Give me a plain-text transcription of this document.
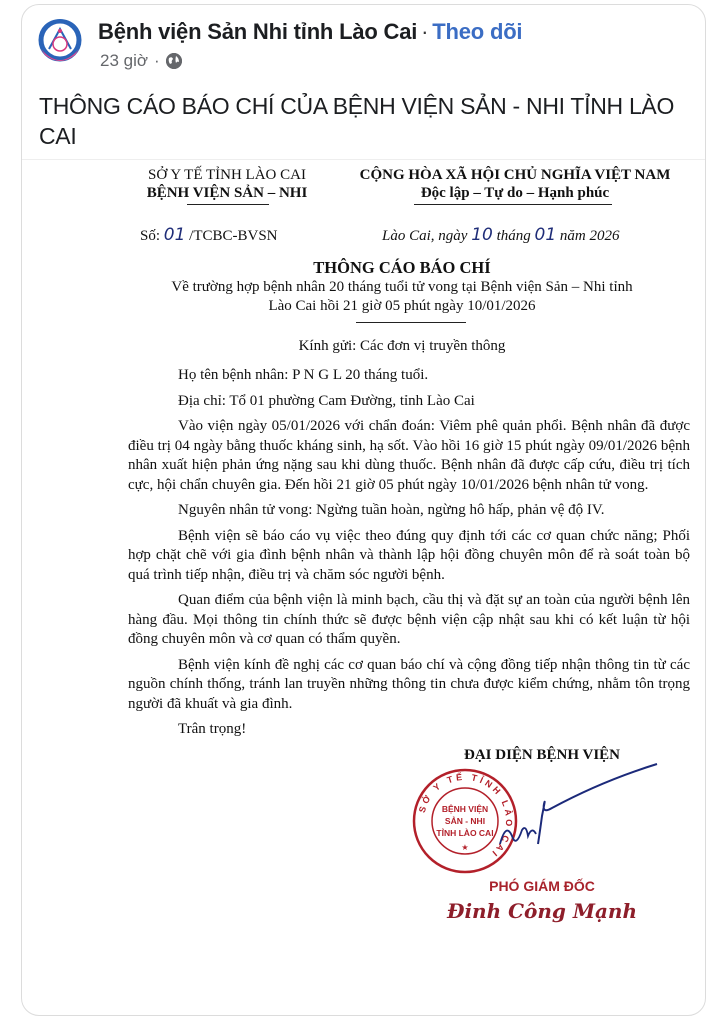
Bệnh viện Sản Nhi tỉnh Lào Cai · Theo dõi
23 giờ ·
THÔNG CÁO BÁO CHÍ CỦA BỆNH VIỆN SẢN - NHI TỈNH LÀO CAI
SỞ Y TẾ TỈNH LÀO CAI
BỆNH VIỆN SẢN – NHI
CỘNG HÒA XÃ HỘI CHỦ NGHĨA VIỆT NAM
Độc lập – Tự do – Hạnh phúc
Số: 01 /TCBC-BVSN	Lào Cai, ngày 10 tháng 01 năm 2026
THÔNG CÁO BÁO CHÍ
Về trường hợp bệnh nhân 20 tháng tuổi tử vong tại Bệnh viện Sản – Nhi tỉnh
Lào Cai hồi 21 giờ 05 phút ngày 10/01/2026
Kính gửi: Các đơn vị truyền thông
Họ tên bệnh nhân: P N G L 20 tháng tuổi.
Địa chỉ: Tổ 01 phường Cam Đường, tỉnh Lào Cai
Vào viện ngày 05/01/2026 với chẩn đoán: Viêm phê quản phổi. Bệnh nhân đã được điều trị 04 ngày bằng thuốc kháng sinh, hạ sốt. Vào hồi 16 giờ 15 phút ngày 09/01/2026 bệnh nhân xuất hiện phản ứng nặng sau khi dùng thuốc. Bệnh nhân đã được cấp cứu, điều trị tích cực, hội chẩn chuyên gia. Đến hồi 21 giờ 05 phút ngày 10/01/2026 bệnh nhân tử vong.
Nguyên nhân tử vong: Ngừng tuần hoàn, ngừng hô hấp, phản vệ độ IV.
Bệnh viện sẽ báo cáo vụ việc theo đúng quy định tới các cơ quan chức năng; Phối hợp chặt chẽ với gia đình bệnh nhân và thành lập hội đồng chuyên môn để rà soát toàn bộ quá trình tiếp nhận, điều trị và chăm sóc người bệnh.
Quan điểm của bệnh viện là minh bạch, cầu thị và đặt sự an toàn của người bệnh lên hàng đầu. Mọi thông tin chính thức sẽ được bệnh viện cập nhật sau khi có kết luận từ hội đồng chuyên môn và cơ quan có thẩm quyền.
Bệnh viện kính đề nghị các cơ quan báo chí và cộng đồng tiếp nhận thông tin từ các nguồn chính thống, tránh lan truyền những thông tin chưa được kiểm chứng, nhằm tôn trọng người đã khuất và gia đình.
Trân trọng!
ĐẠI DIỆN BỆNH VIỆN
SỞ Y TẾ TỈNH LÀO CAI
BỆNH VIỆN
SẢN - NHI
TỈNH LÀO CAI
★
PHÓ GIÁM ĐỐC
Đinh Công Mạnh
